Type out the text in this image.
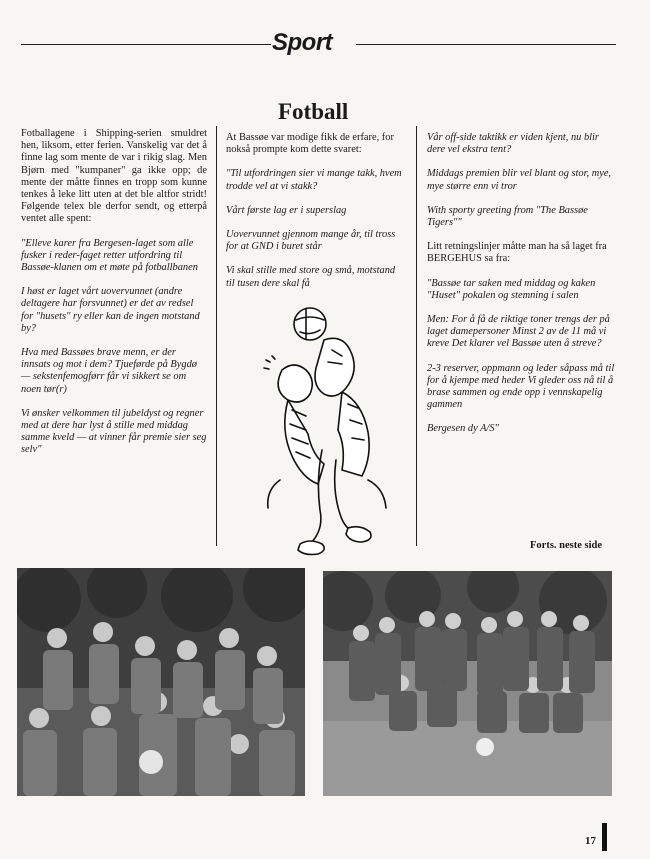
Sport
Fotball

Fotballagene i Shipping-serien smuldret hen, liksom, etter ferien. Vanskelig var det å finne lag som mente de var i rikig slag. Men Bjørn med "kumpaner" ga ikke opp; de mente der måtte finnes en tropp som kunne tenkes å leke litt uten at det ble altfor stridt! Følgende telex ble derfor sendt, og etterpå ventet alle spent:

"Elleve karer fra Bergesen-laget som alle fusker i reder-faget retter utfordring til Bassøe-klanen om et møte på fotballbanen

I høst er laget vårt uovervunnet (andre deltagere har forsvunnet) er det av redsel for "husets" ry eller kan de ingen motstand by?

Hva med Bassøes brave menn, er der innsats og mot i dem? Tjueførde på Bygdø — sekstenfemogførr får vi sikkert se om noen tør(r)

Vi ønsker velkommen til jubeldyst og regner med at dere har lyst å stille med middag samme kveld — at vinner får premie sier seg selv"

At Bassøe var modige fikk de erfare, for nokså prompte kom dette svaret:

"Til utfordringen sier vi mange takk, hvem trodde vel at vi stakk?

Vårt første lag er i superslag

Uovervunnet gjennom mange år, til tross for at GND i buret står

Vi skal stille med store og små, motstand til tusen dere skal få

Vår off-side taktikk er viden kjent, nu blir dere vel ekstra tent?

Middags premien blir vel blant og stor, mye, mye større enn vi tror

With sporty greeting from "The Bassøe Tigers""

Litt retningslinjer måtte man ha så laget fra BERGEHUS sa fra:

"Bassøe tar saken med middag og kaken "Huset" pokalen og stemning i salen

Men: For å få de riktige toner trengs der på laget damepersoner Minst 2 av de 11 må vi kreve Det klarer vel Bassøe uten å streve?

2-3 reserver, oppmann og leder såpass må til for å kjempe med heder Vi gleder oss nå til å brase sammen og ende opp i vennskapelig gammen

Bergesen dy A/S"

Forts. neste side
17
